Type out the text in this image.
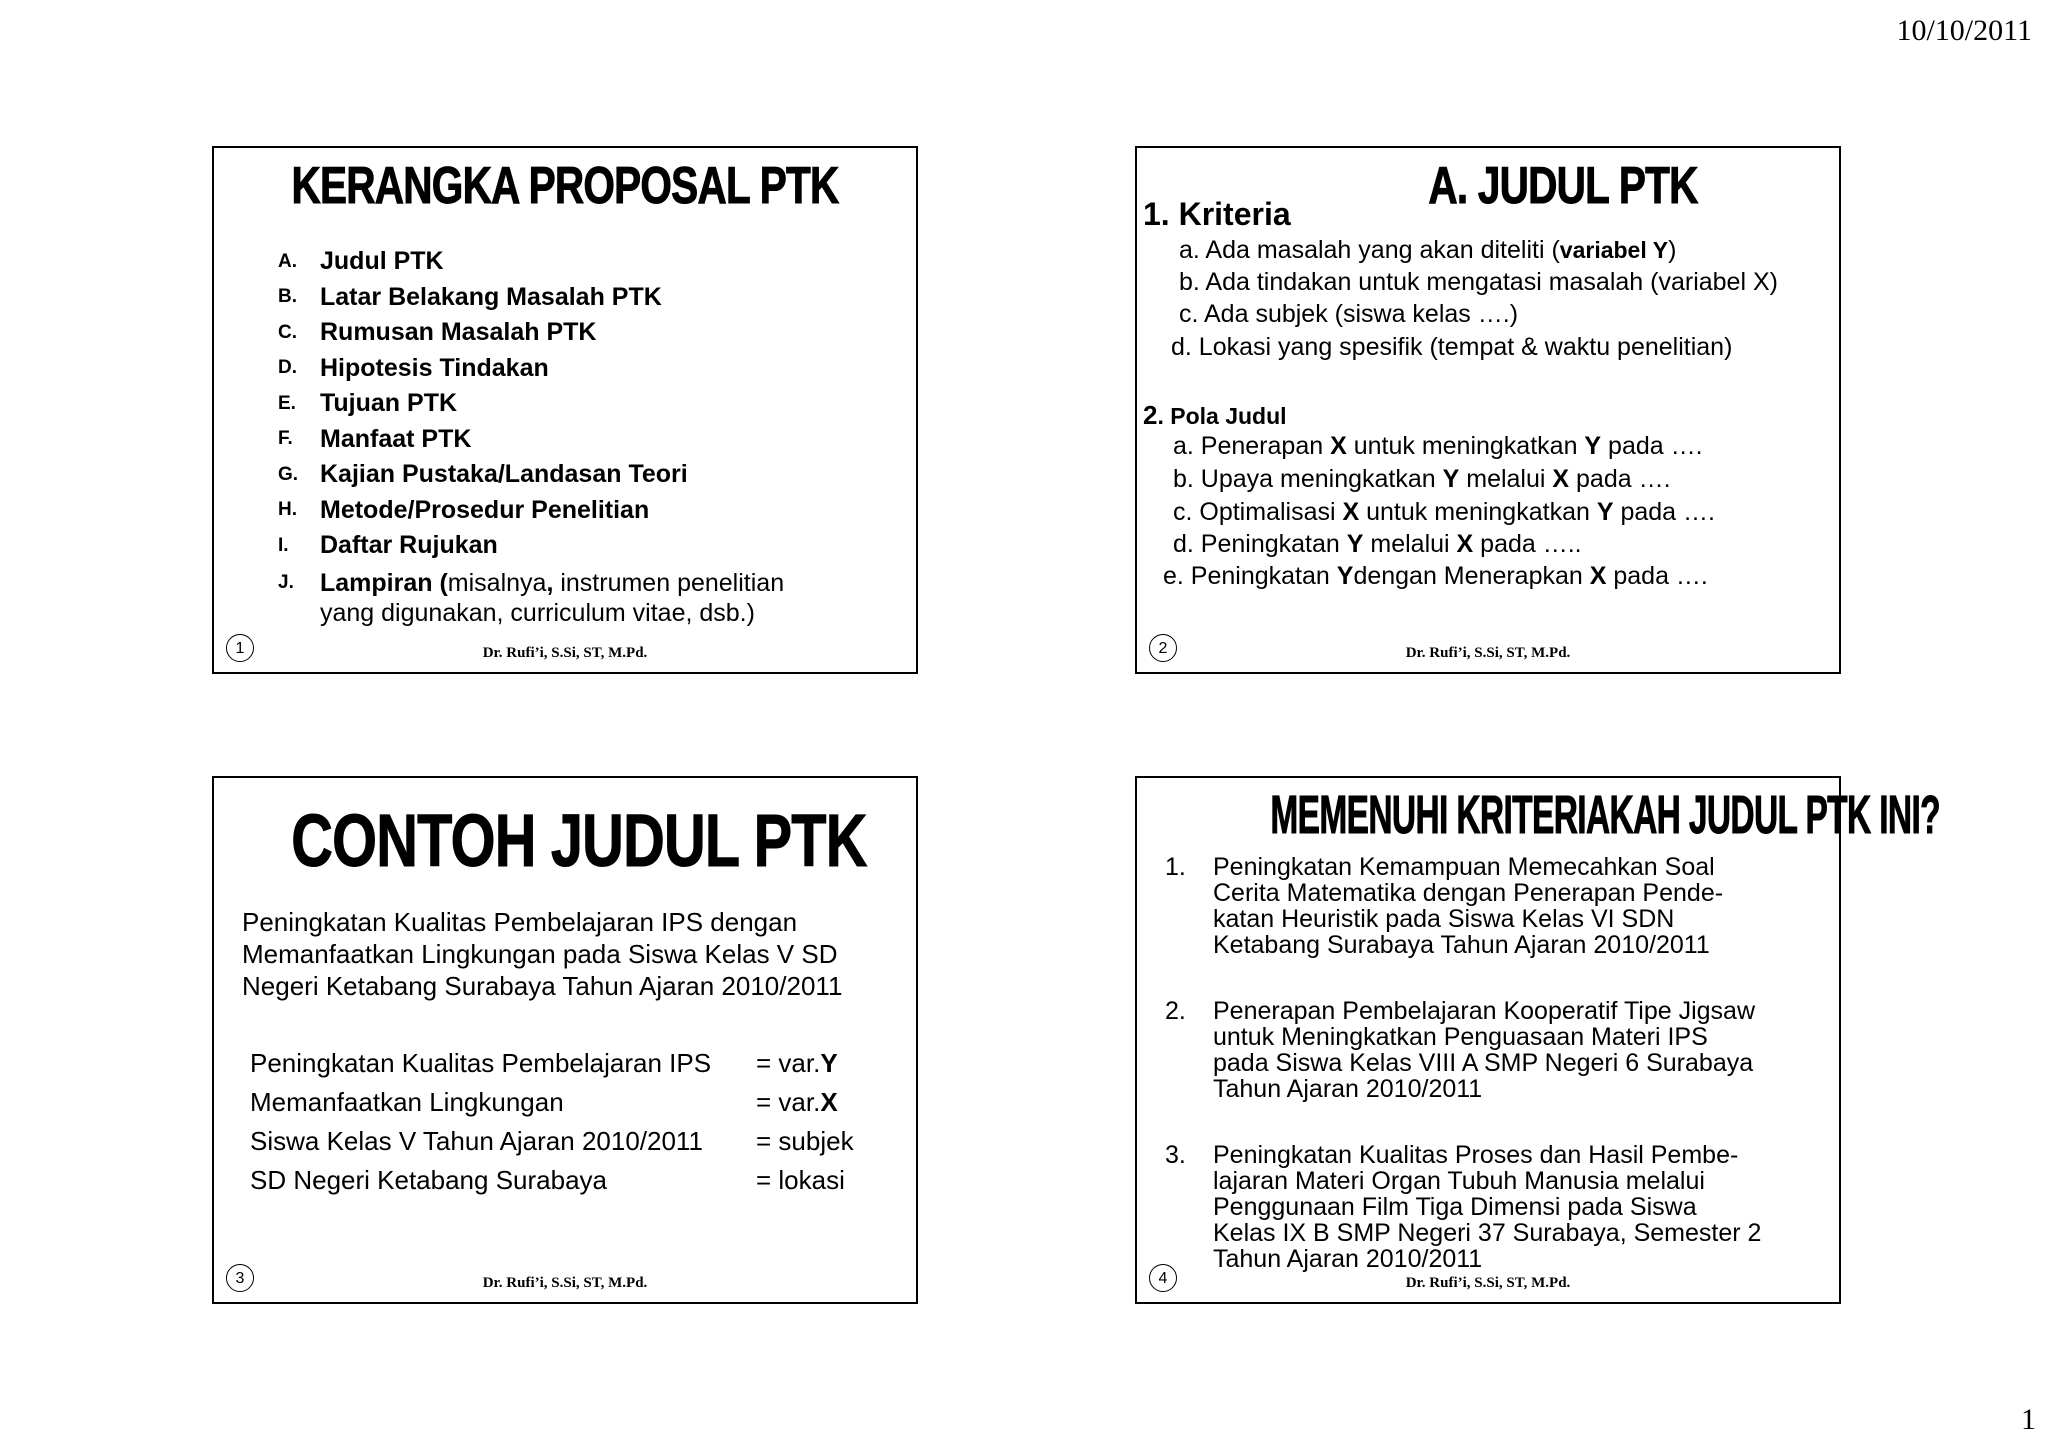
10/10/2011
KERANGKA PROPOSAL PTK
A. Judul PTK
B. Latar Belakang Masalah PTK
C. Rumusan Masalah PTK
D. Hipotesis Tindakan
E. Tujuan PTK
F.	Manfaat PTK
G. Kajian Pustaka/Landasan Teori
H. Metode/Prosedur Penelitian
I.	Daftar Rujukan
J.	Lampiran (misalnya, instrumen penelitian
yang digunakan, curriculum vitae, dsb.)
1	Dr. Rufi’i, S.Si, ST, M.Pd.
A. JUDUL PTK
1. Kriteria
a. Ada masalah yang akan diteliti (variabel Y)
b. Ada tindakan untuk mengatasi masalah (variabel X)
c. Ada subjek (siswa kelas ….)
d. Lokasi yang spesifik (tempat & waktu penelitian)
2. Pola Judul
a. Penerapan X untuk meningkatkan Y pada ….
b. Upaya meningkatkan Y melalui X pada ….
c. Optimalisasi X untuk meningkatkan Y pada ….
d. Peningkatan Y melalui X pada …..
e. Peningkatan Ydengan Menerapkan X pada ….
2	Dr. Rufi’i, S.Si, ST, M.Pd.
CONTOH JUDUL PTK
Peningkatan Kualitas Pembelajaran IPS dengan
Memanfaatkan Lingkungan pada Siswa Kelas V SD
Negeri Ketabang Surabaya Tahun Ajaran 2010/2011
Peningkatan Kualitas Pembelajaran IPS	= var. Y
Memanfaatkan Lingkungan	= var. X
Siswa Kelas V Tahun Ajaran 2010/2011	= subjek
SD Negeri Ketabang Surabaya	= lokasi
3	Dr. Rufi’i, S.Si, ST, M.Pd.
MEMENUHI KRITERIAKAH JUDUL PTK INI?
1.	Peningkatan Kemampuan Memecahkan Soal
Cerita Matematika dengan Penerapan Pende-
katan Heuristik pada Siswa Kelas VI SDN
Ketabang Surabaya Tahun Ajaran 2010/2011
2.	Penerapan Pembelajaran Kooperatif Tipe Jigsaw
untuk Meningkatkan Penguasaan Materi IPS
pada Siswa Kelas VIII A SMP Negeri 6 Surabaya
Tahun Ajaran 2010/2011
3.	Peningkatan Kualitas Proses dan Hasil Pembe-
lajaran Materi Organ Tubuh Manusia melalui
Penggunaan Film Tiga Dimensi pada Siswa
Kelas IX B SMP Negeri 37 Surabaya, Semester 2
Tahun Ajaran 2010/2011
4	Dr. Rufi’i, S.Si, ST, M.Pd.
1
